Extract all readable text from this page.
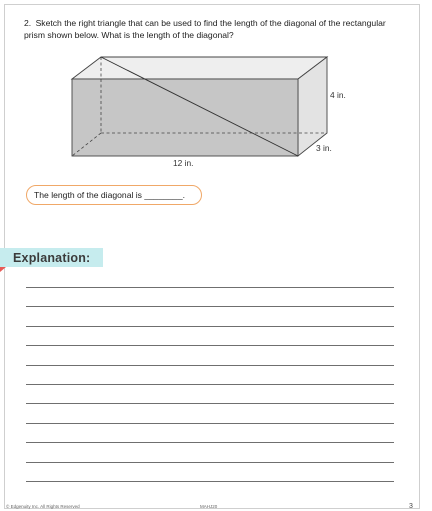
2. Sketch the right triangle that can be used to find the length of the diagonal of the rectangular prism shown below. What is the length of the diagonal?
4 in.
3 in.
12 in.
The length of the diagonal is ________.
Explanation:
© Edgenuity Inc. All Rights Reserved	MAHJ20	3
